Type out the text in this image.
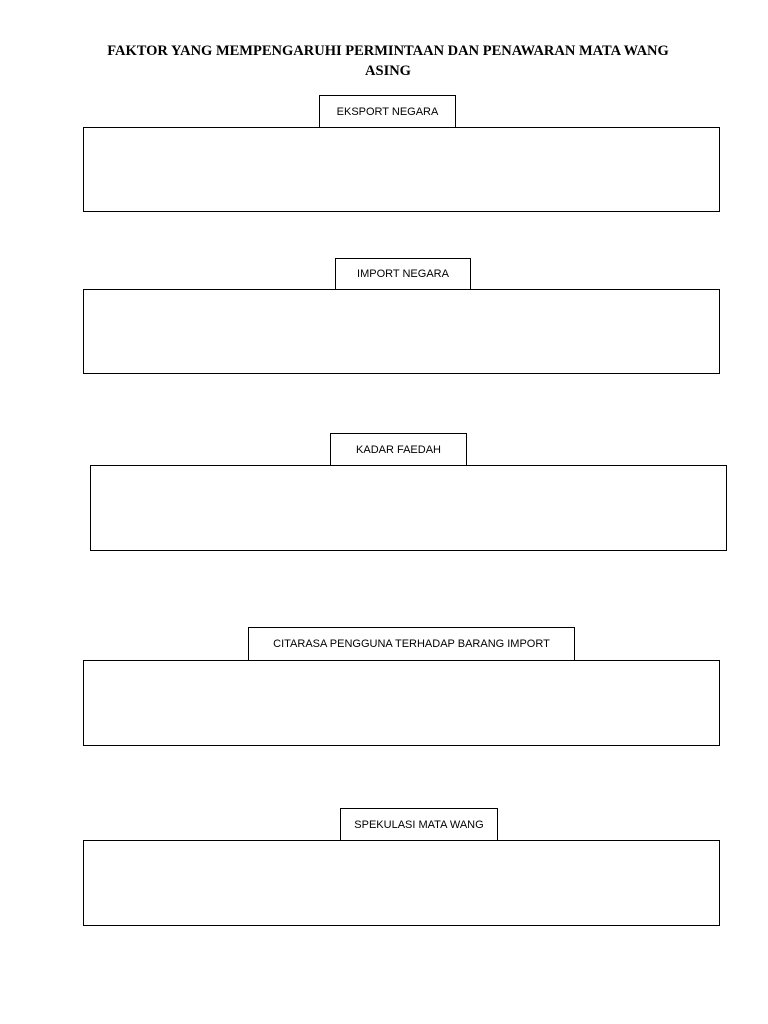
FAKTOR YANG MEMPENGARUHI PERMINTAAN DAN PENAWARAN MATA WANG
ASING
EKSPORT NEGARA
IMPORT NEGARA
KADAR FAEDAH
CITARASA PENGGUNA TERHADAP BARANG IMPORT
SPEKULASI MATA WANG
